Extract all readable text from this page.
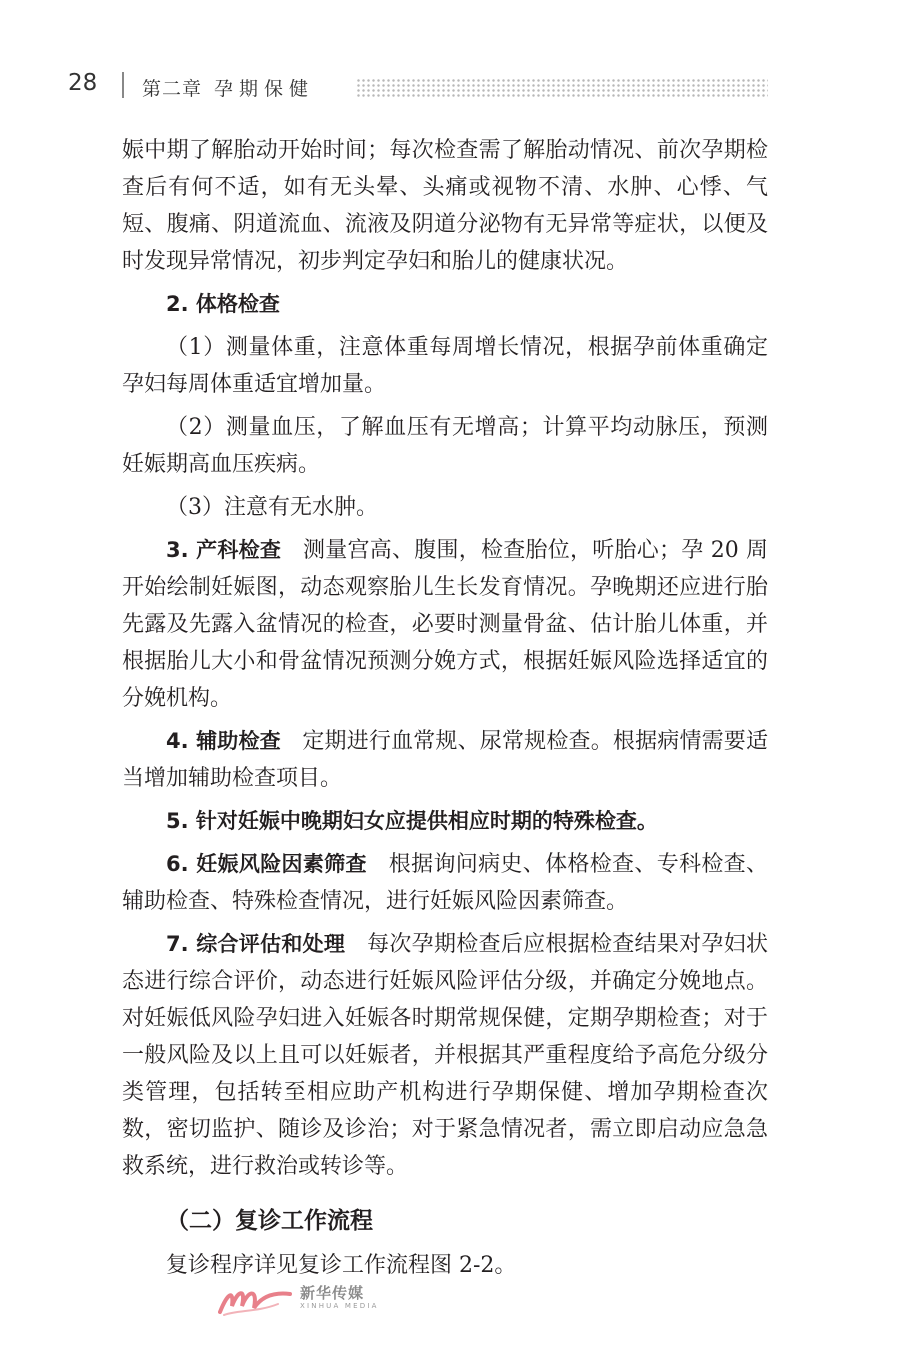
28 第二章 孕期保健

娠中期了解胎动开始时间；每次检查需了解胎动情况、前次孕期检查后有何不适，如有无头晕、头痛或视物不清、水肿、心悸、气短、腹痛、阴道流血、流液及阴道分泌物有无异常等症状，以便及时发现异常情况，初步判定孕妇和胎儿的健康状况。

2. 体格检查

（1）测量体重，注意体重每周增长情况，根据孕前体重确定孕妇每周体重适宜增加量。

（2）测量血压，了解血压有无增高；计算平均动脉压，预测妊娠期高血压疾病。

（3）注意有无水肿。

3. 产科检查 测量宫高、腹围，检查胎位，听胎心；孕 20 周开始绘制妊娠图，动态观察胎儿生长发育情况。孕晚期还应进行胎先露及先露入盆情况的检查，必要时测量骨盆、估计胎儿体重，并根据胎儿大小和骨盆情况预测分娩方式，根据妊娠风险选择适宜的分娩机构。

4. 辅助检查 定期进行血常规、尿常规检查。根据病情需要适当增加辅助检查项目。

5. 针对妊娠中晚期妇女应提供相应时期的特殊检查。

6. 妊娠风险因素筛查 根据询问病史、体格检查、专科检查、辅助检查、特殊检查情况，进行妊娠风险因素筛查。

7. 综合评估和处理 每次孕期检查后应根据检查结果对孕妇状态进行综合评价，动态进行妊娠风险评估分级，并确定分娩地点。对妊娠低风险孕妇进入妊娠各时期常规保健，定期孕期检查；对于一般风险及以上且可以妊娠者，并根据其严重程度给予高危分级分类管理，包括转至相应助产机构进行孕期保健、增加孕期检查次数，密切监护、随诊及诊治；对于紧急情况者，需立即启动应急急救系统，进行救治或转诊等。

（二）复诊工作流程

复诊程序详见复诊工作流程图 2-2。

新华传媒
XINHUA MEDIA
